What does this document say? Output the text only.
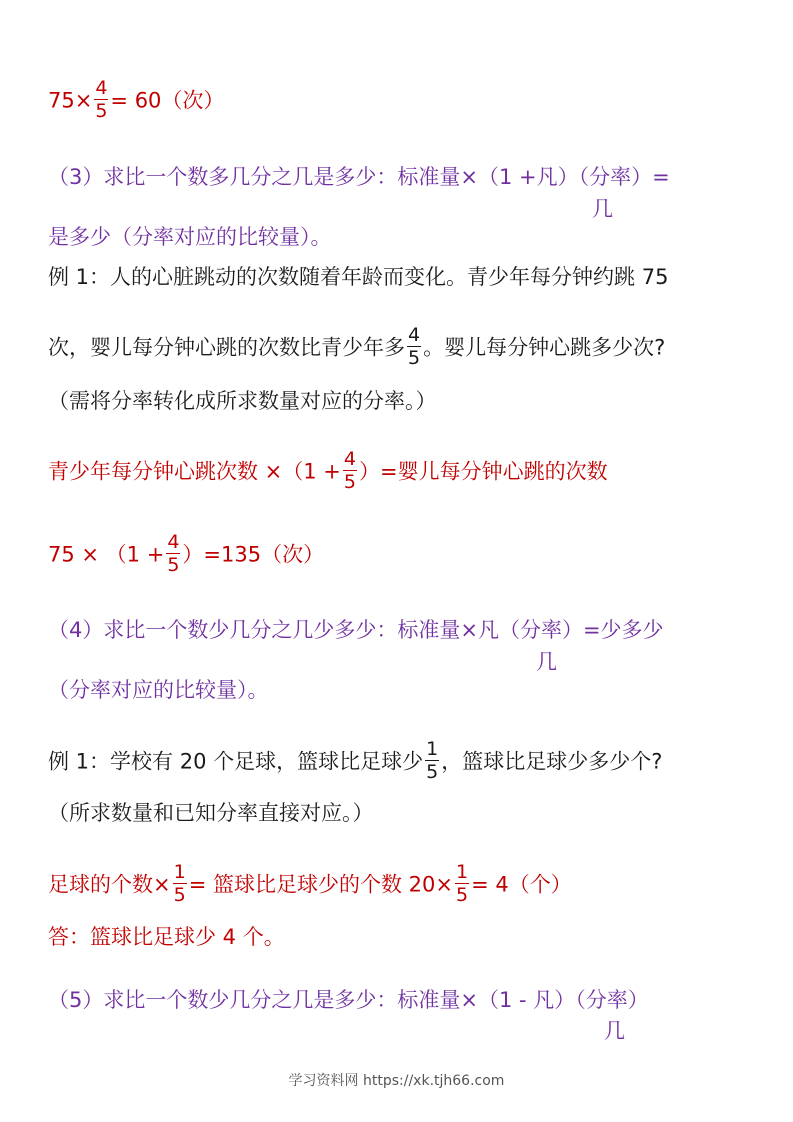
$75\times \frac{4}{5} = 60$（次）
（3）求比一个数多几分之几是多少：标准量×（1 +凡）（分率）=
几
是多少（分率对应的比较量）。
例 1：人的心脏跳动的次数随着年龄而变化。青少年每分钟约跳 75
次，婴儿每分钟心跳的次数比青少年多 $\frac{4}{5}$ 。婴儿每分钟心跳多少次?
（需将分率转化成所求数量对应的分率。）
青少年每分钟心跳次数 $\times(1 + \frac{4}{5}$ ）=婴儿每分钟心跳的次数
$75 \times (1 + \frac{4}{5} )=135$（次）
（4）求比一个数少几分之几少多少：标准量×凡（分率）=少多少
几
（分率对应的比较量）。
例 1：学校有 20 个足球，篮球比足球少 $\frac{1}{5}$ ，篮球比足球少多少个?
（所求数量和已知分率直接对应。）
足球的个数× $\frac{1}{5}$ = 篮球比足球少的个数 $20\times \frac{1}{5} = 4$（个）
答：篮球比足球少 4 个。
（5）求比一个数少几分之几是多少：标准量×（1 - 凡）（分率）
几
学习资料网 https://xk.tjh66.com
